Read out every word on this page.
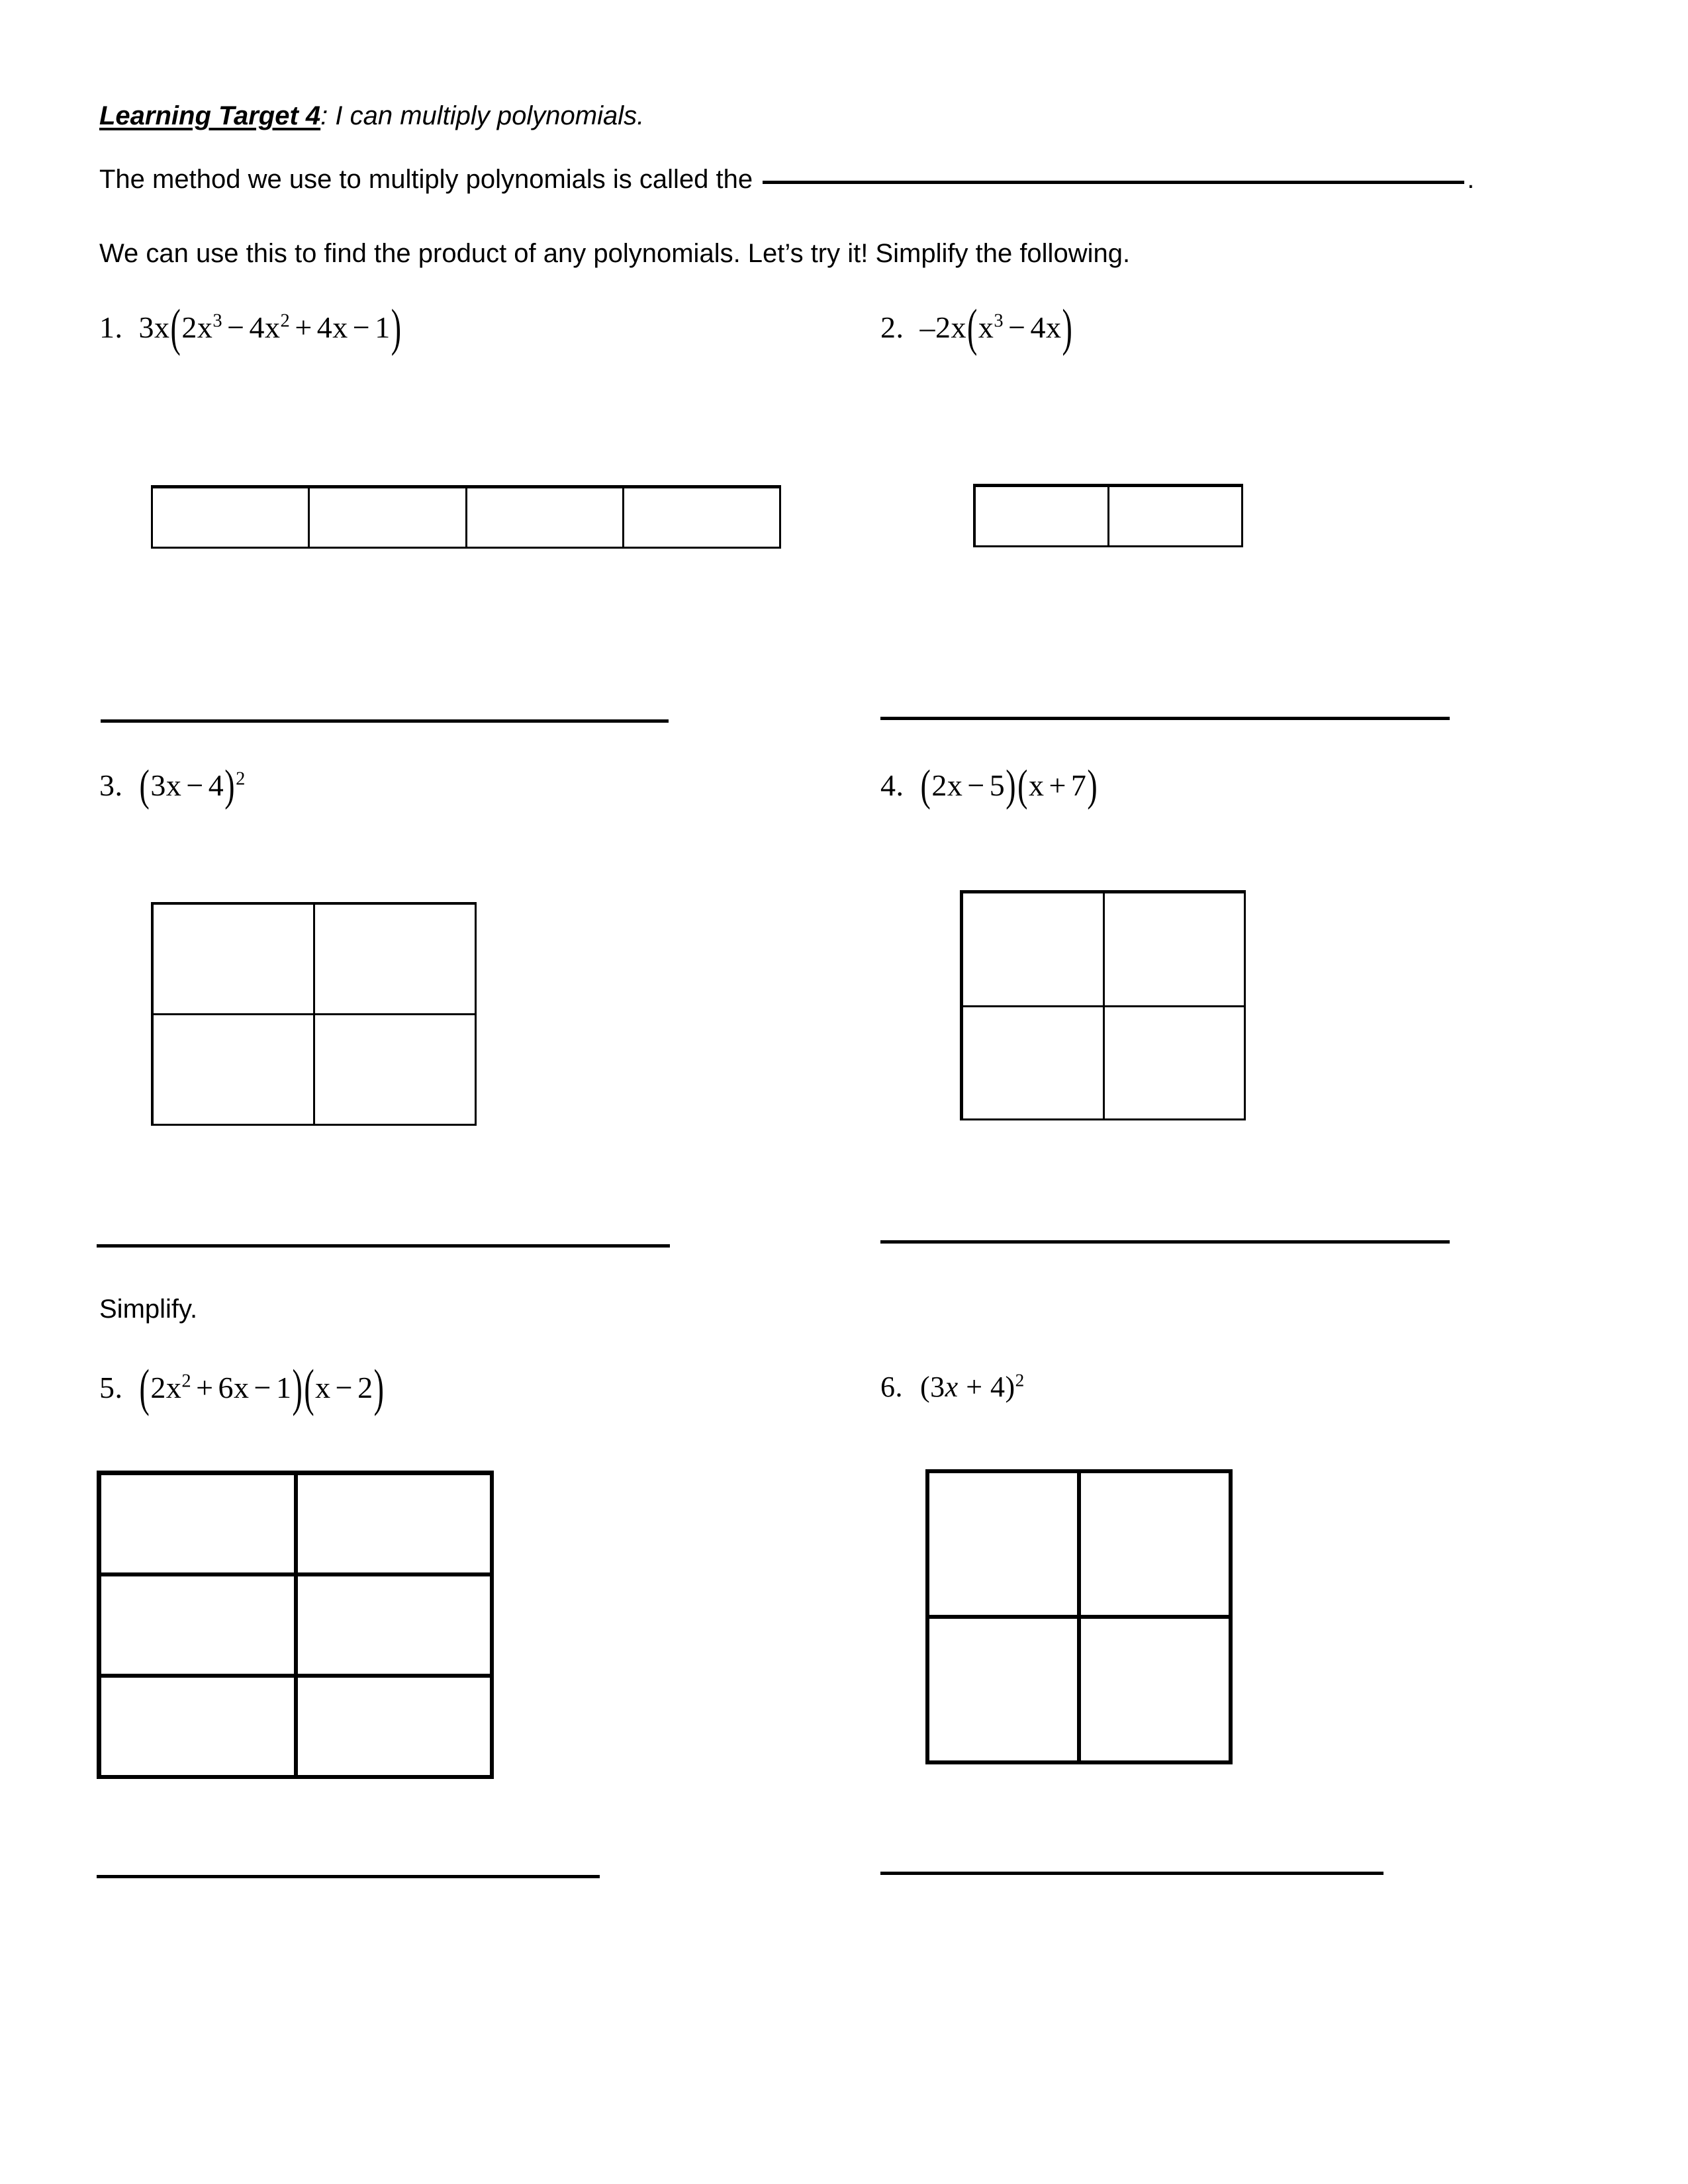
Learning Target 4: I can multiply polynomials.
The method we use to multiply polynomials is called the	.
We can use this to find the product of any polynomials. Let’s try it! Simplify the following.
1.  $3x(2x^3 - 4x^2 + 4x - 1)$	2.  $-2x(x^3 - 4x)$
3. $(3x - 4)^2$	4. (2x − 5)(x + 7)
Simplify.
5. $(2x^2 + 6x - 1)(x - 2)$	6.  $(3x + 4)^2$
